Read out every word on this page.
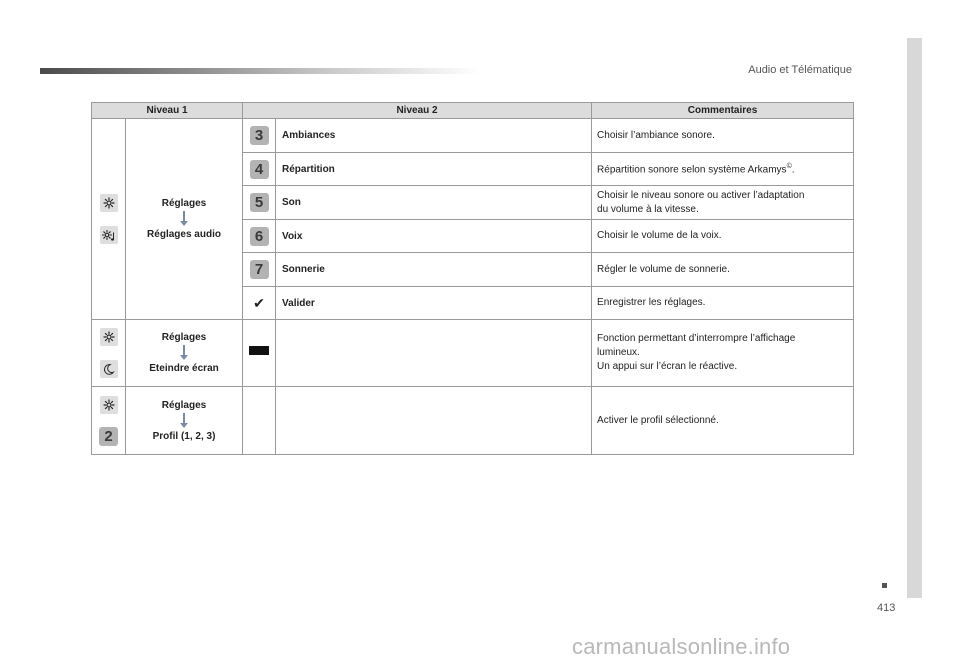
Audio et Télématique
Niveau 1		Niveau 2		Commentaires

Réglages
Réglages audio	3	Ambiances	Choisir l’ambiance sonore.
		4	Répartition	Répartition sonore selon système Arkamys©.
		5	Son	Choisir le niveau sonore ou activer l’adaptation
du volume à la vitesse.
		6	Voix	Choisir le volume de la voix.
		7	Sonnerie	Régler le volume de sonnerie.
		✔	Valider	Enregistrer les réglages.

Réglages
Eteindre écran			Fonction permettant d’interrompre l’affichage
lumineux.
Un appui sur l’écran le réactive.

2	Réglages
Profil (1, 2, 3)			Activer le profil sélectionné.
413
carmanualsonline.info
